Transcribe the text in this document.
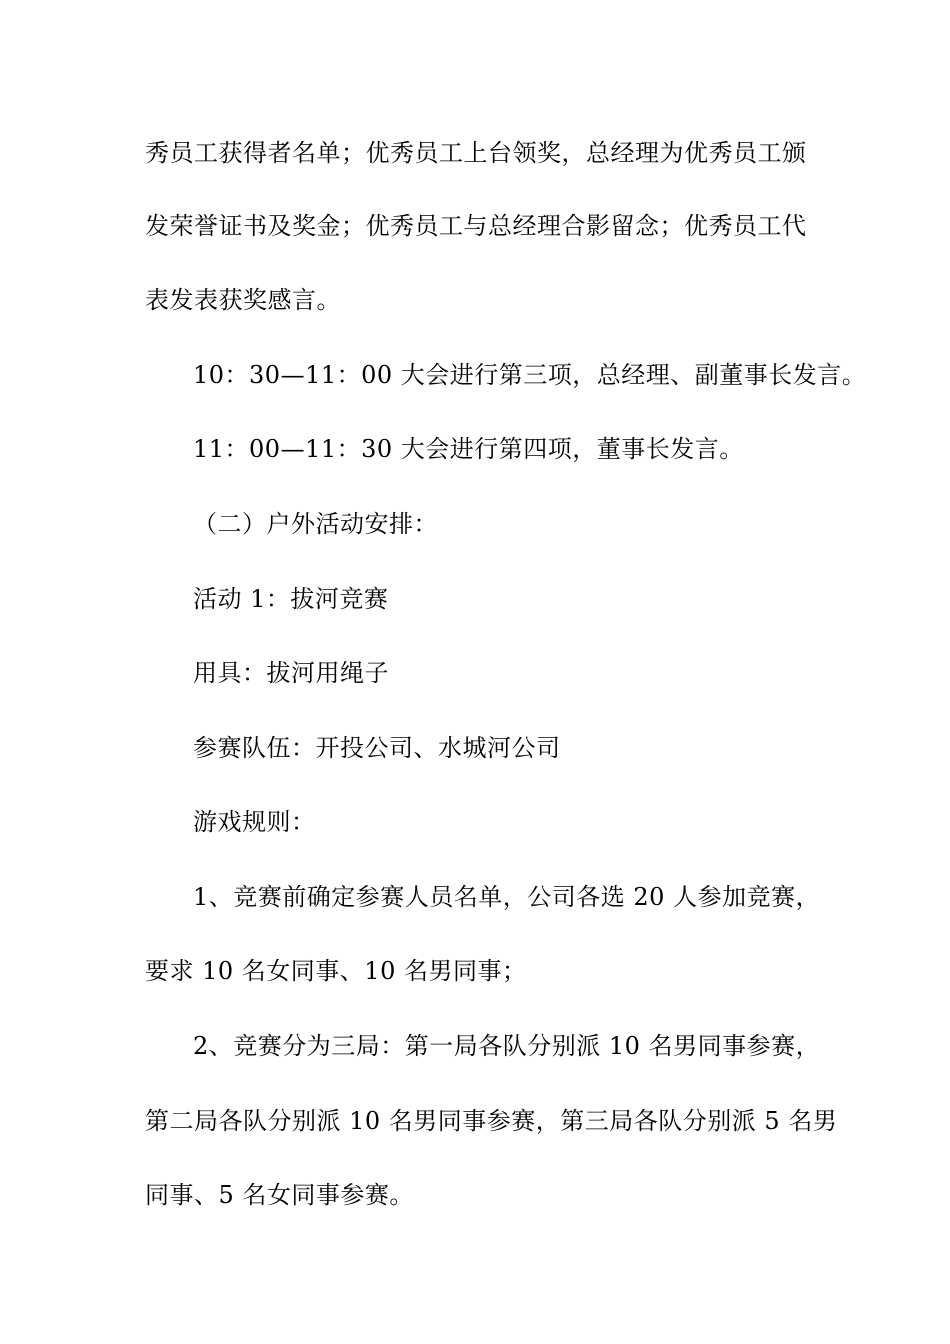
秀员工获得者名单；优秀员工上台领奖，总经理为优秀员工颁
发荣誉证书及奖金；优秀员工与总经理合影留念；优秀员工代
表发表获奖感言。
10：30—11：00 大会进行第三项，总经理、副董事长发言。
11：00—11：30 大会进行第四项，董事长发言。
（二）户外活动安排：
活动 1：拔河竞赛
用具：拔河用绳子
参赛队伍：开投公司、水城河公司
游戏规则：
1、竞赛前确定参赛人员名单，公司各选 20 人参加竞赛，
要求 10 名女同事、10 名男同事；
2、竞赛分为三局：第一局各队分别派 10 名男同事参赛，
第二局各队分别派 10 名男同事参赛，第三局各队分别派 5 名男
同事、5 名女同事参赛。
